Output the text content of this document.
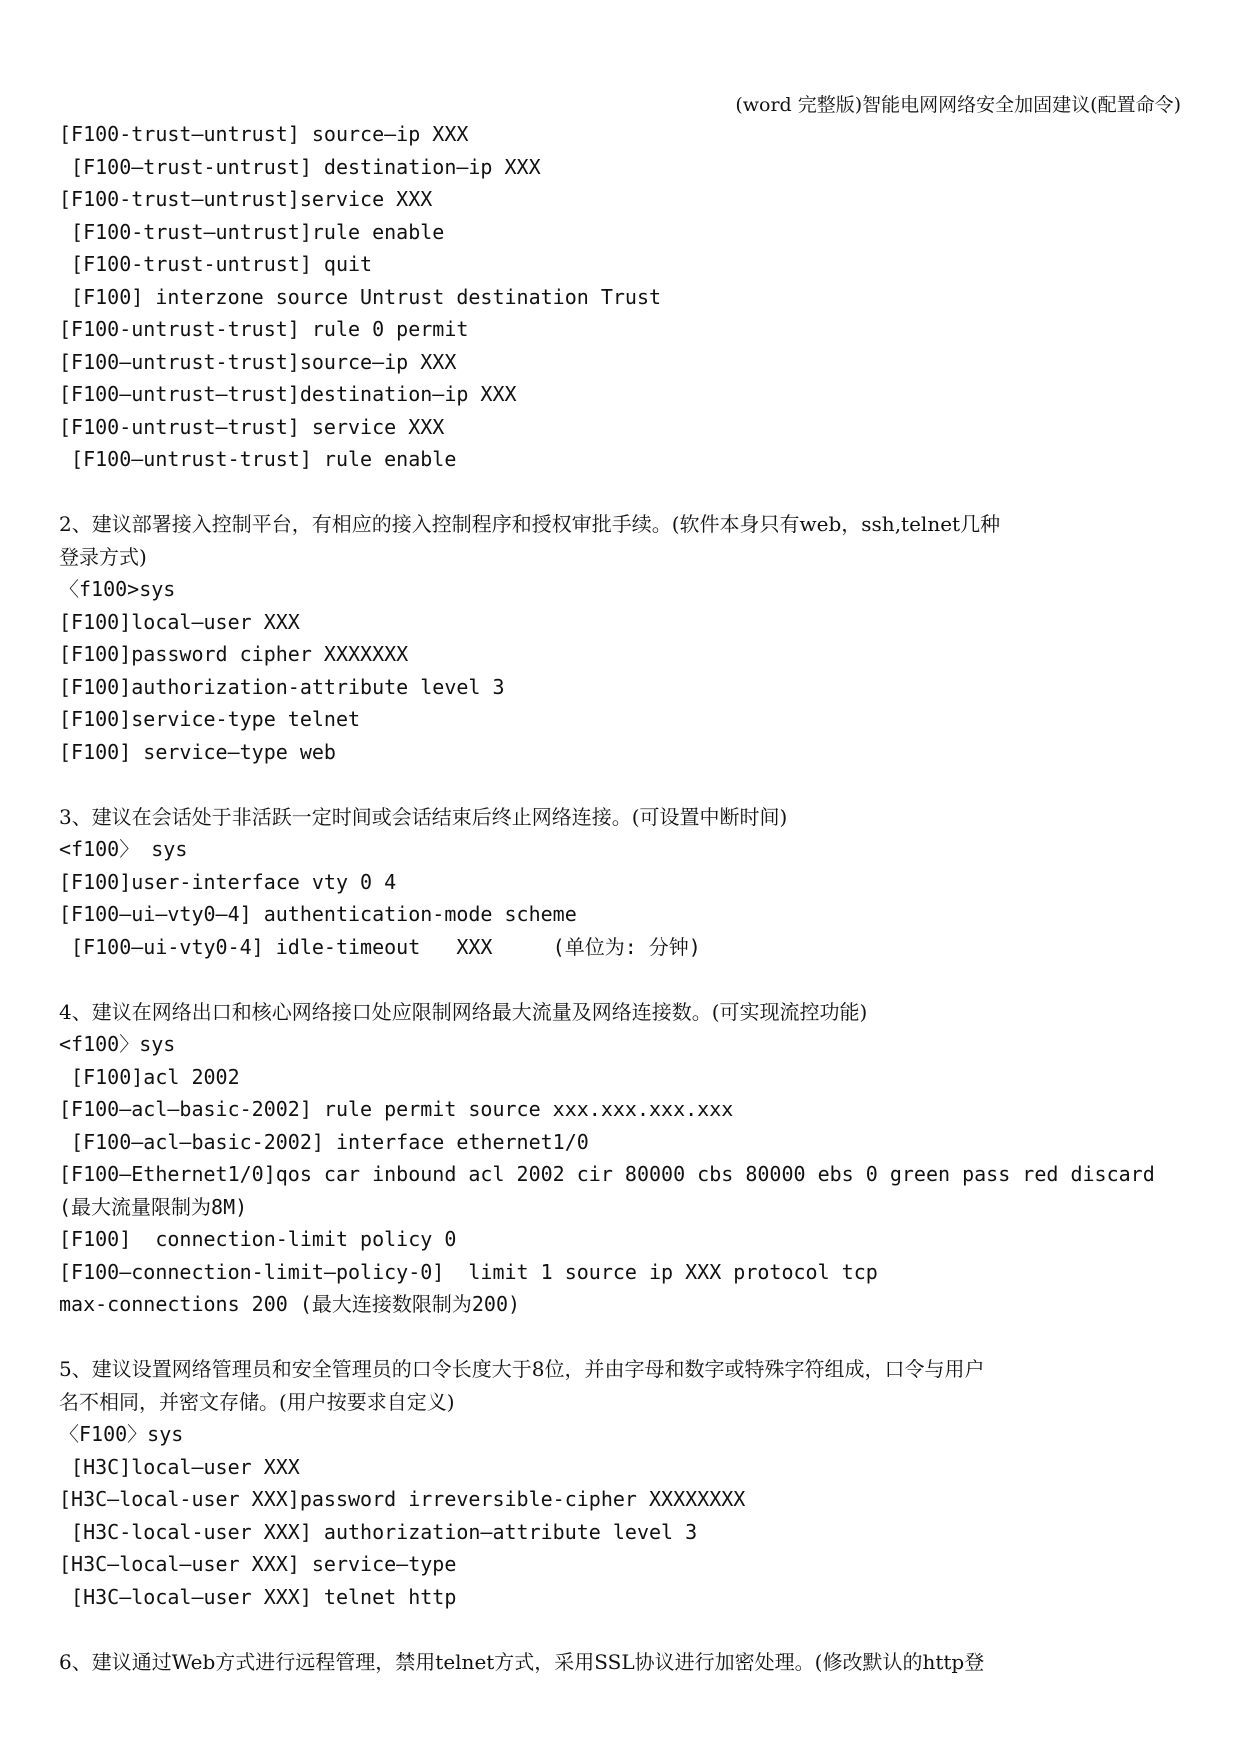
(word 完整版)智能电网网络安全加固建议(配置命令)
[F100-trust—untrust] source—ip XXX
[F100—trust-untrust] destination—ip XXX
[F100-trust—untrust]service XXX
[F100-trust—untrust]rule enable
[F100-trust-untrust] quit
[F100] interzone source Untrust destination Trust
[F100-untrust-trust] rule 0 permit
[F100—untrust-trust]source—ip XXX
[F100—untrust—trust]destination—ip XXX
[F100-untrust—trust] service XXX
[F100—untrust-trust] rule enable
2、建议部署接入控制平台，有相应的接入控制程序和授权审批手续。(软件本身只有web，ssh,telnet几种
登录方式)
〈f100>sys
[F100]local—user XXX
[F100]password cipher XXXXXXX
[F100]authorization-attribute level 3
[F100]service-type telnet
[F100] service—type web
3、建议在会话处于非活跃一定时间或会话结束后终止网络连接。(可设置中断时间)
<f100〉 sys
[F100]user-interface vty 0 4
[F100—ui—vty0—4] authentication-mode scheme
[F100—ui-vty0-4] idle-timeout   XXX     (单位为: 分钟)
4、建议在网络出口和核心网络接口处应限制网络最大流量及网络连接数。(可实现流控功能)
<f100〉sys
[F100]acl 2002
[F100—acl—basic-2002] rule permit source xxx.xxx.xxx.xxx
[F100—acl—basic-2002] interface ethernet1/0
[F100—Ethernet1/0]qos car inbound acl 2002 cir 80000 cbs 80000 ebs 0 green pass red discard
(最大流量限制为8M)
[F100]  connection-limit policy 0
[F100—connection-limit—policy-0]  limit 1 source ip XXX protocol tcp
max-connections 200 (最大连接数限制为200)
5、建议设置网络管理员和安全管理员的口令长度大于8位，并由字母和数字或特殊字符组成，口令与用户
名不相同，并密文存储。(用户按要求自定义)
〈F100〉sys
[H3C]local—user XXX
[H3C—local-user XXX]password irreversible-cipher XXXXXXXX
[H3C-local-user XXX] authorization—attribute level 3
[H3C—local—user XXX] service—type
[H3C—local—user XXX] telnet http
6、建议通过Web方式进行远程管理，禁用telnet方式，采用SSL协议进行加密处理。(修改默认的http登
